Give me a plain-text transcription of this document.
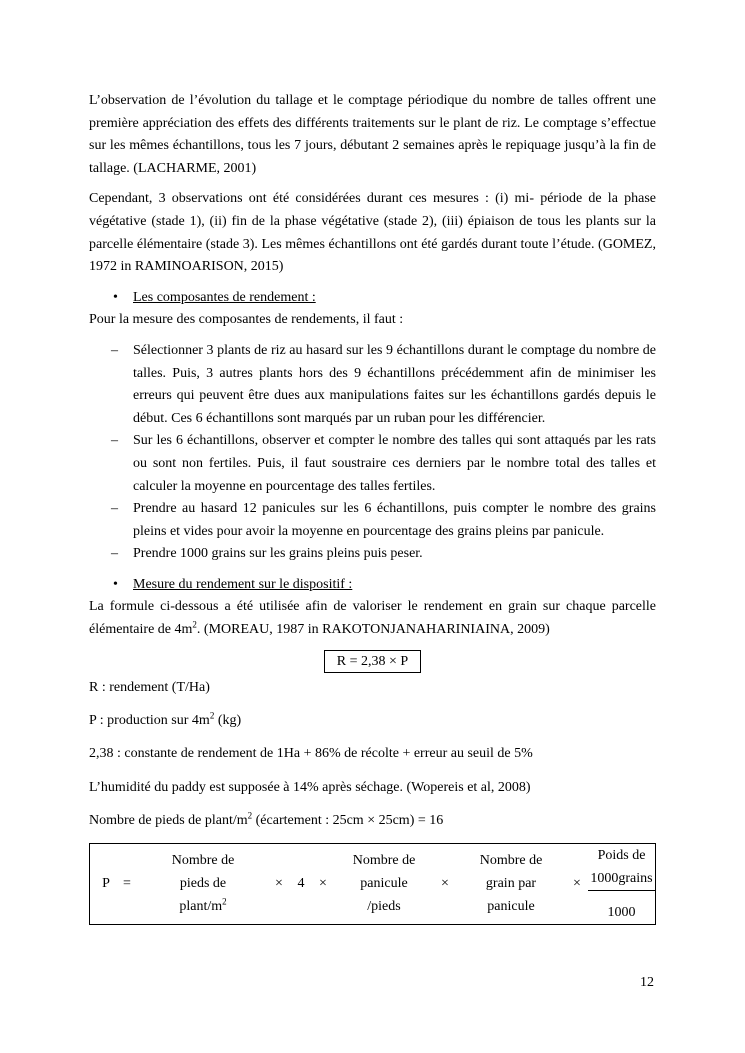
L’observation de l’évolution du tallage et le comptage périodique du nombre de talles offrent une première appréciation des effets des différents traitements sur le plant de riz. Le comptage s’effectue sur les mêmes échantillons, tous les 7 jours, débutant 2 semaines après le repiquage jusqu’à la fin de tallage. (LACHARME, 2001)

Cependant, 3 observations ont été considérées durant ces mesures : (i) mi- période de la phase végétative (stade 1), (ii) fin de la phase végétative (stade 2), (iii) épiaison de tous les plants sur la parcelle élémentaire (stade 3). Les mêmes échantillons ont été gardés durant toute l’étude. (GOMEZ, 1972 in RAMINOARISON, 2015)

• Les composantes de rendement :

Pour la mesure des composantes de rendements, il faut :

– Sélectionner 3 plants de riz au hasard sur les 9 échantillons durant le comptage du nombre de talles. Puis, 3 autres plants hors des 9 échantillons précédemment afin de minimiser les erreurs qui peuvent être dues aux manipulations faites sur les échantillons gardés depuis le début. Ces 6 échantillons sont marqués par un ruban pour les différencier.
– Sur les 6 échantillons, observer et compter le nombre des talles qui sont attaqués par les rats ou sont non fertiles. Puis, il faut soustraire ces derniers par le nombre total des talles et calculer la moyenne en pourcentage des talles fertiles.
– Prendre au hasard 12 panicules sur les 6 échantillons, puis compter le nombre des grains pleins et vides pour avoir la moyenne en pourcentage des grains pleins par panicule.
– Prendre 1000 grains sur les grains pleins puis peser.
• Mesure du rendement sur le dispositif :

La formule ci-dessous a été utilisée afin de valoriser le rendement en grain sur chaque parcelle élémentaire de $4m^2$. (MOREAU, 1987 in RAKOTONJANAHARINIAINA, 2009)

R = 2,38 × P

R : rendement (T/Ha)

P : production sur $4m^2$ (kg)

2,38 : constante de rendement de 1Ha + 86% de récolte + erreur au seuil de 5%

L’humidité du paddy est supposée à 14% après séchage. (Wopereis et al, 2008)

Nombre de pieds de plant/$m^2$ (écartement : 25cm × 25cm) = 16

P	=	
Nombre de
pieds de
plant/$m^2$
	×	4	×	
Nombre de
panicule
/pieds
	×	
Nombre de
grain par
panicule
	×	
Poids de
1000grains
1000
12
